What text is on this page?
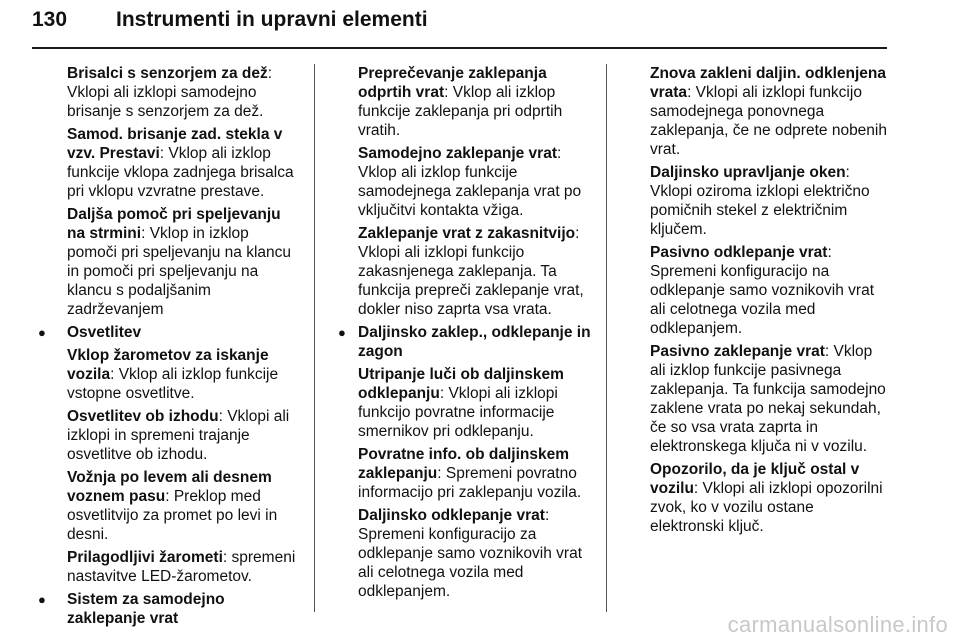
130 Instrumenti in upravni elementi
Brisalci s senzorjem za dež: Vklopi ali izklopi samodejno brisanje s senzorjem za dež.
Samod. brisanje zad. stekla v vzv. Prestavi: Vklop ali izklop funkcije vklopa zadnjega brisalca pri vklopu vzvratne prestave.
Daljša pomoč pri speljevanju na strmini: Vklop in izklop pomoči pri speljevanju na klancu in pomoči pri speljevanju na klancu s podaljšanim zadrževanjem
● Osvetlitev
Vklop žarometov za iskanje vozila: Vklop ali izklop funkcije vstopne osvetlitve.
Osvetlitev ob izhodu: Vklopi ali izklopi in spremeni trajanje osvetlitve ob izhodu.
Vožnja po levem ali desnem voznem pasu: Preklop med osvetlitvijo za promet po levi in desni.
Prilagodljivi žarometi: spremeni nastavitve LED-žarometov.
● Sistem za samodejno zaklepanje vrat
Preprečevanje zaklepanja odprtih vrat: Vklop ali izklop funkcije zaklepanja pri odprtih vratih.
Samodejno zaklepanje vrat: Vklop ali izklop funkcije samodejnega zaklepanja vrat po vključitvi kontakta vžiga.
Zaklepanje vrat z zakasnitvijo: Vklopi ali izklopi funkcijo zakasnjenega zaklepanja. Ta funkcija prepreči zaklepanje vrat, dokler niso zaprta vsa vrata.
● Daljinsko zaklep., odklepanje in zagon
Utripanje luči ob daljinskem odklepanju: Vklopi ali izklopi funkcijo povratne informacije smernikov pri odklepanju.
Povratne info. ob daljinskem zaklepanju: Spremeni povratno informacijo pri zaklepanju vozila.
Daljinsko odklepanje vrat: Spremeni konfiguracijo za odklepanje samo voznikovih vrat ali celotnega vozila med odklepanjem.
Znova zakleni daljin. odklenjena vrata: Vklopi ali izklopi funkcijo samodejnega ponovnega zaklepanja, če ne odprete nobenih vrat.
Daljinsko upravljanje oken: Vklopi oziroma izklopi električno pomičnih stekel z električnim ključem.
Pasivno odklepanje vrat: Spremeni konfiguracijo na odklepanje samo voznikovih vrat ali celotnega vozila med odklepanjem.
Pasivno zaklepanje vrat: Vklop ali izklop funkcije pasivnega zaklepanja. Ta funkcija samodejno zaklene vrata po nekaj sekundah, če so vsa vrata zaprta in elektronskega ključa ni v vozilu.
Opozorilo, da je ključ ostal v vozilu: Vklopi ali izklopi opozorilni zvok, ko v vozilu ostane elektronski ključ.
carmanualsonline.info
